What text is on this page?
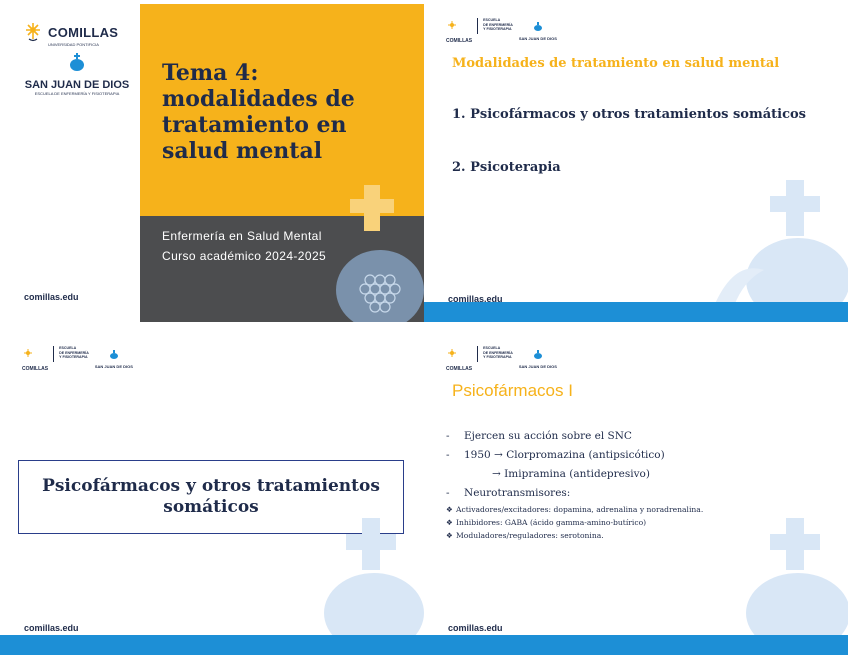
COMILLAS
UNIVERSIDAD PONTIFICIA
SAN JUAN DE DIOS
ESCUELA DE ENFERMERÍA Y FISIOTERAPIA
Tema 4:
modalidades de
tratamiento en
salud mental
Enfermería en Salud Mental
Curso académico 2024-2025
comillas.edu
COMILLAS
ESCUELA
DE ENFERMERÍA
Y FISIOTERAPIA
SAN JUAN DE DIOS
Modalidades de tratamiento en salud mental
1. Psicofármacos y otros tratamientos somáticos
2. Psicoterapia
comillas.edu
COMILLAS
ESCUELA
DE ENFERMERÍA
Y FISIOTERAPIA
SAN JUAN DE DIOS
Psicofármacos y otros tratamientos somáticos
comillas.edu
COMILLAS
ESCUELA
DE ENFERMERÍA
Y FISIOTERAPIA
SAN JUAN DE DIOS
Psicofármacos I
- Ejercen su acción sobre el SNC
- 1950 → Clorpromazina (antipsicótico)
→ Imipramina (antidepresivo)
- Neurotransmisores:
❖ Activadores/excitadores: dopamina, adrenalina y noradrenalina.
❖ Inhibidores: GABA (ácido gamma-amino-butírico)
❖ Moduladores/reguladores: serotonina.
comillas.edu
